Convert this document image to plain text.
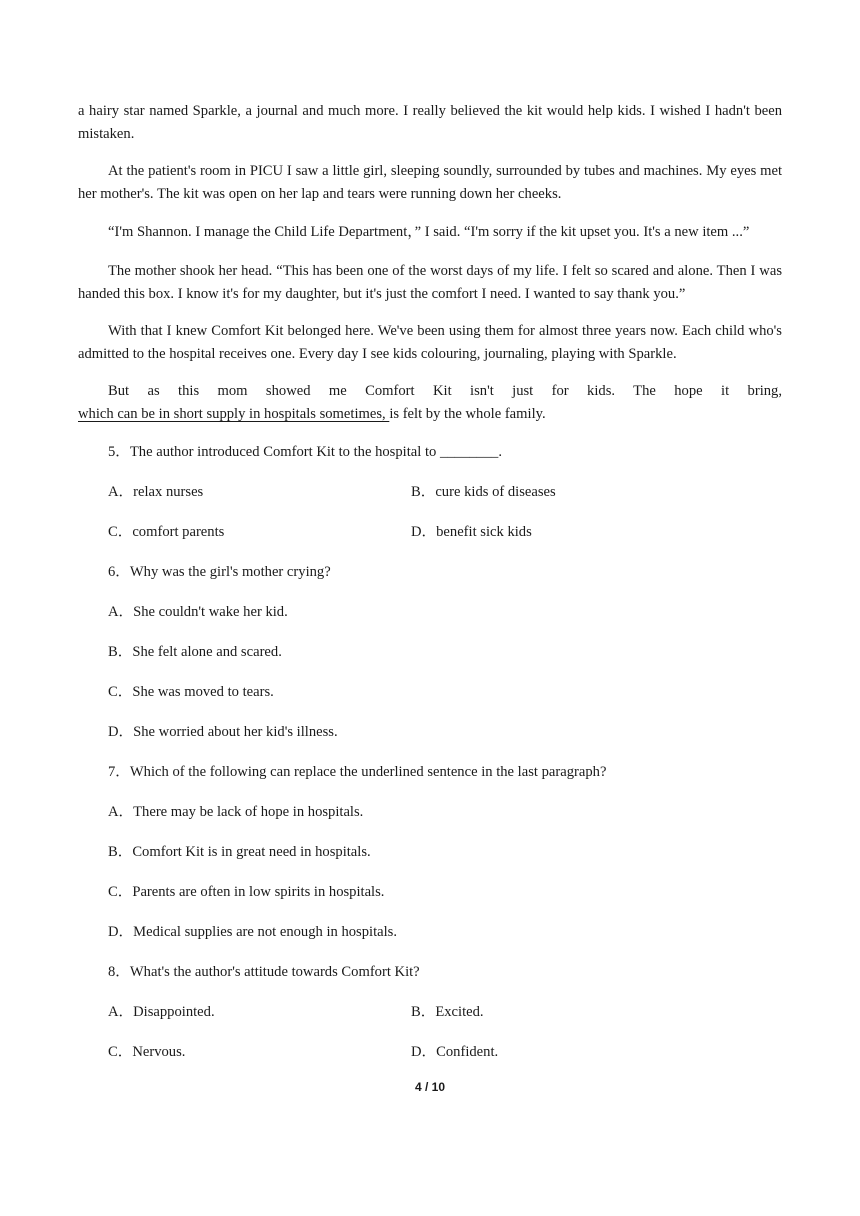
a hairy star named Sparkle, a journal and much more. I really believed the kit would help kids. I wished I hadn't been mistaken.

At the patient's room in PICU I saw a little girl, sleeping soundly, surrounded by tubes and machines. My eyes met her mother's. The kit was open on her lap and tears were running down her cheeks.

“I'm Shannon. I manage the Child Life Department，” I said. “I'm sorry if the kit upset you. It's a new item ...”

The mother shook her head. “This has been one of the worst days of my life. I felt so scared and alone. Then I was handed this box. I know it's for my daughter, but it's just the comfort I need. I wanted to say thank you.”

With that I knew Comfort Kit belonged here. We've been using them for almost three years now. Each child who's admitted to the hospital receives one. Every day I see kids colouring, journaling, playing with Sparkle.

But as this mom showed me Comfort Kit isn't just for kids. The hope it bring,
which can be in short supply in hospitals sometimes, is felt by the whole family.
5．The author introduced Comfort Kit to the hospital to ________.
A．relax nurses	B．cure kids of diseases
C．comfort parents	D．benefit sick kids
6．Why was the girl's mother crying?
A．She couldn't wake her kid.
B．She felt alone and scared.
C．She was moved to tears.
D．She worried about her kid's illness.
7．Which of the following can replace the underlined sentence in the last paragraph?
A．There may be lack of hope in hospitals.
B．Comfort Kit is in great need in hospitals.
C．Parents are often in low spirits in hospitals.
D．Medical supplies are not enough in hospitals.
8．What's the author's attitude towards Comfort Kit?
A．Disappointed.	B．Excited.
C．Nervous.	D．Confident.
4 / 10
